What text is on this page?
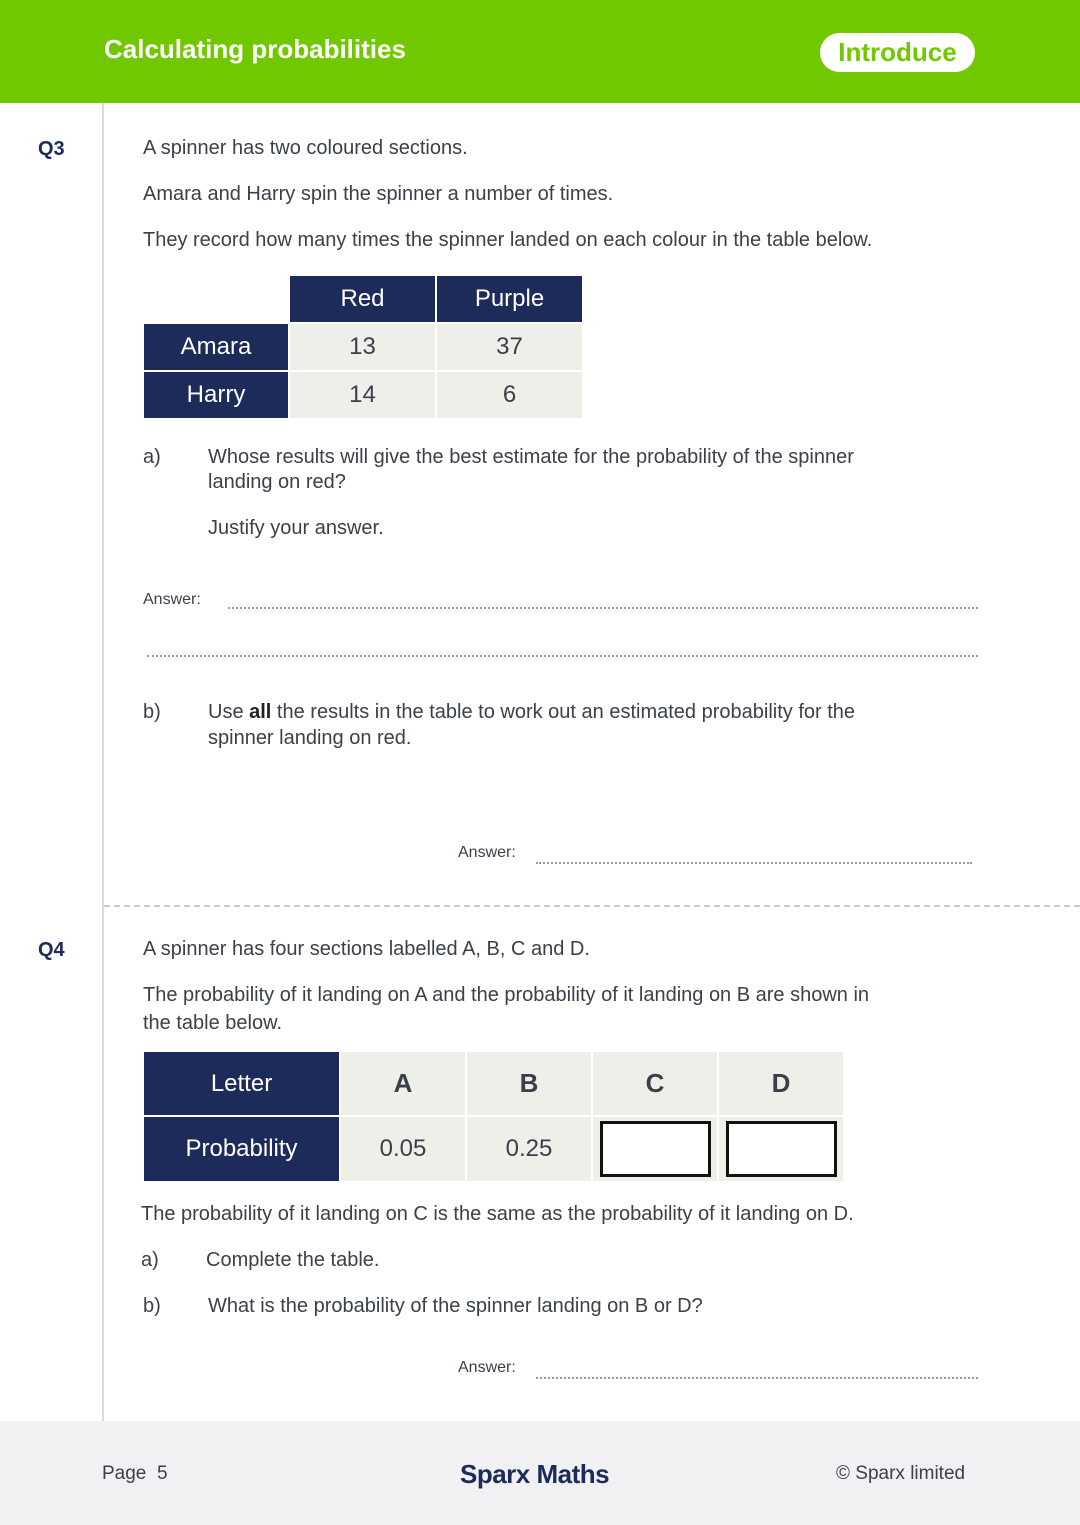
Calculating probabilities	Introduce
Q3	A spinner has two coloured sections.
Amara and Harry spin the spinner a number of times.
They record how many times the spinner landed on each colour in the table below.
	Red	Purple
Amara	13	37
Harry	14	6
a) Whose results will give the best estimate for the probability of the spinner
landing on red?
Justify your answer.
Answer:
b) Use all the results in the table to work out an estimated probability for the
spinner landing on red.
Answer:
Q4	A spinner has four sections labelled A, B, C and D.
The probability of it landing on A and the probability of it landing on B are shown in
the table below.
Letter	A	B	C	D
Probability	0.05	0.25		
The probability of it landing on C is the same as the probability of it landing on D.
a) Complete the table.
b) What is the probability of the spinner landing on B or D?
Answer:
Page 5	Sparx Maths	© Sparx limited
